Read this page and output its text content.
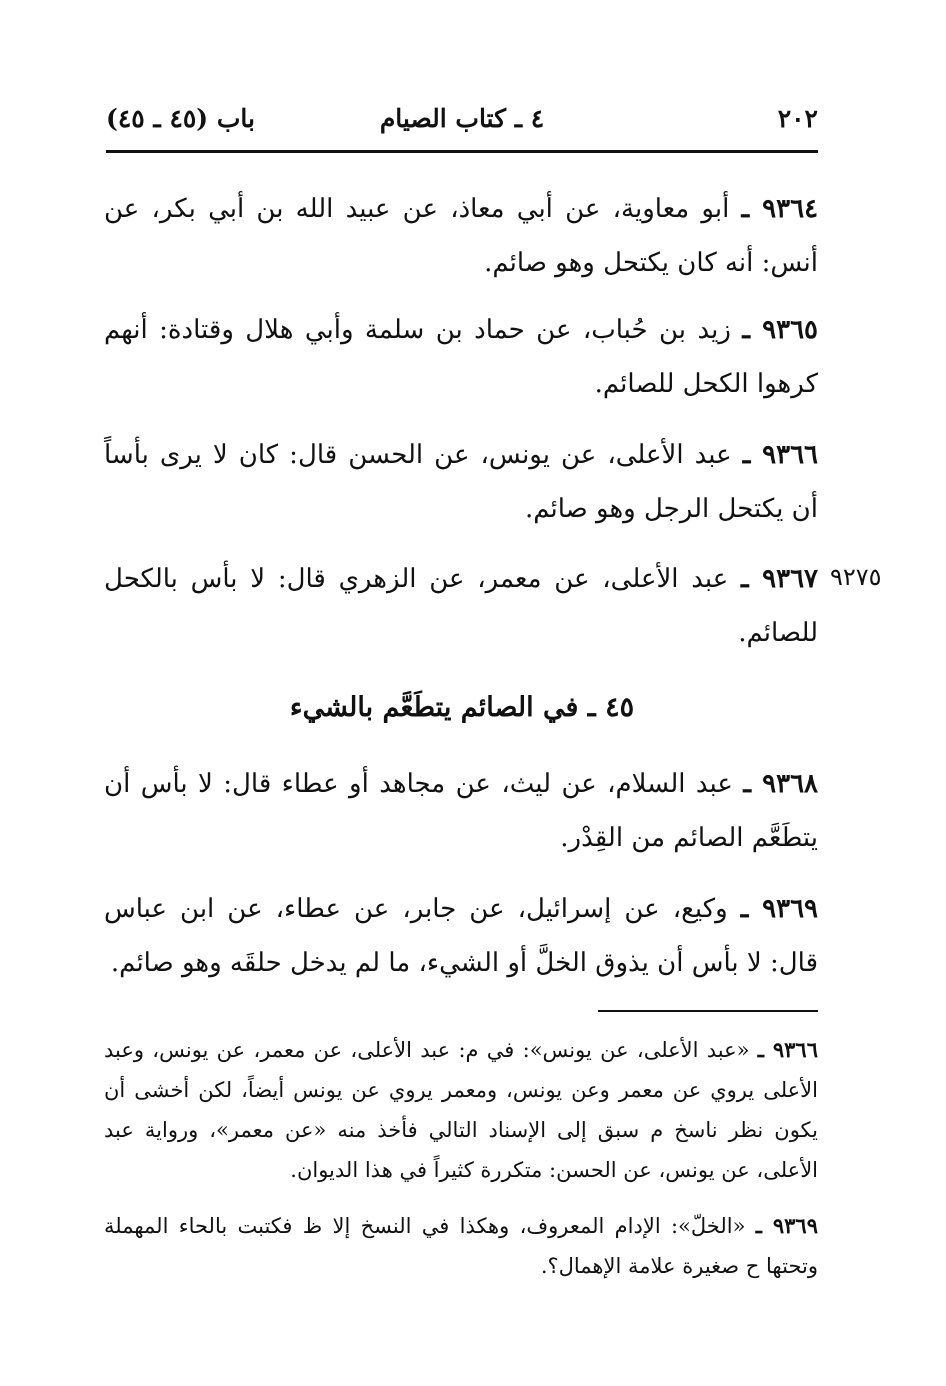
٢٠٢
٤ ـ كتاب الصيام
باب (٤٥ ـ ٤٥)

٩٣٦٤ ـ أبو معاوية، عن أبي معاذ، عن عبيد الله بن أبي بكر، عن أنس: أنه كان يكتحل وهو صائم.

٩٣٦٥ ـ زيد بن حُباب، عن حماد بن سلمة وأبي هلال وقتادة: أنهم كرهوا الكحل للصائم.

٩٣٦٦ ـ عبد الأعلى، عن يونس، عن الحسن قال: كان لا يرى بأساً أن يكتحل الرجل وهو صائم.

٩٢٧٥

٩٣٦٧ ـ عبد الأعلى، عن معمر، عن الزهري قال: لا بأس بالكحل للصائم.

٤٥ ـ في الصائم يتطَعَّم بالشيء

٩٣٦٨ ـ عبد السلام، عن ليث، عن مجاهد أو عطاء قال: لا بأس أن يتطَعَّم الصائم من القِدْر.

٩٣٦٩ ـ وكيع، عن إسرائيل، عن جابر، عن عطاء، عن ابن عباس قال: لا بأس أن يذوق الخلَّ أو الشيء، ما لم يدخل حلقَه وهو صائم.

٩٣٦٦ ـ «عبد الأعلى، عن يونس»: في م: عبد الأعلى، عن معمر، عن يونس، وعبد الأعلى يروي عن معمر وعن يونس، ومعمر يروي عن يونس أيضاً، لكن أخشى أن يكون نظر ناسخ م سبق إلى الإسناد التالي فأخذ منه «عن معمر»، ورواية عبد الأعلى، عن يونس، عن الحسن: متكررة كثيراً في هذا الديوان.

٩٣٦٩ ـ «الخلّ»: الإدام المعروف، وهكذا في النسخ إلا ظ فكتبت بالحاء المهملة وتحتها ح صغيرة علامة الإهمال؟.
